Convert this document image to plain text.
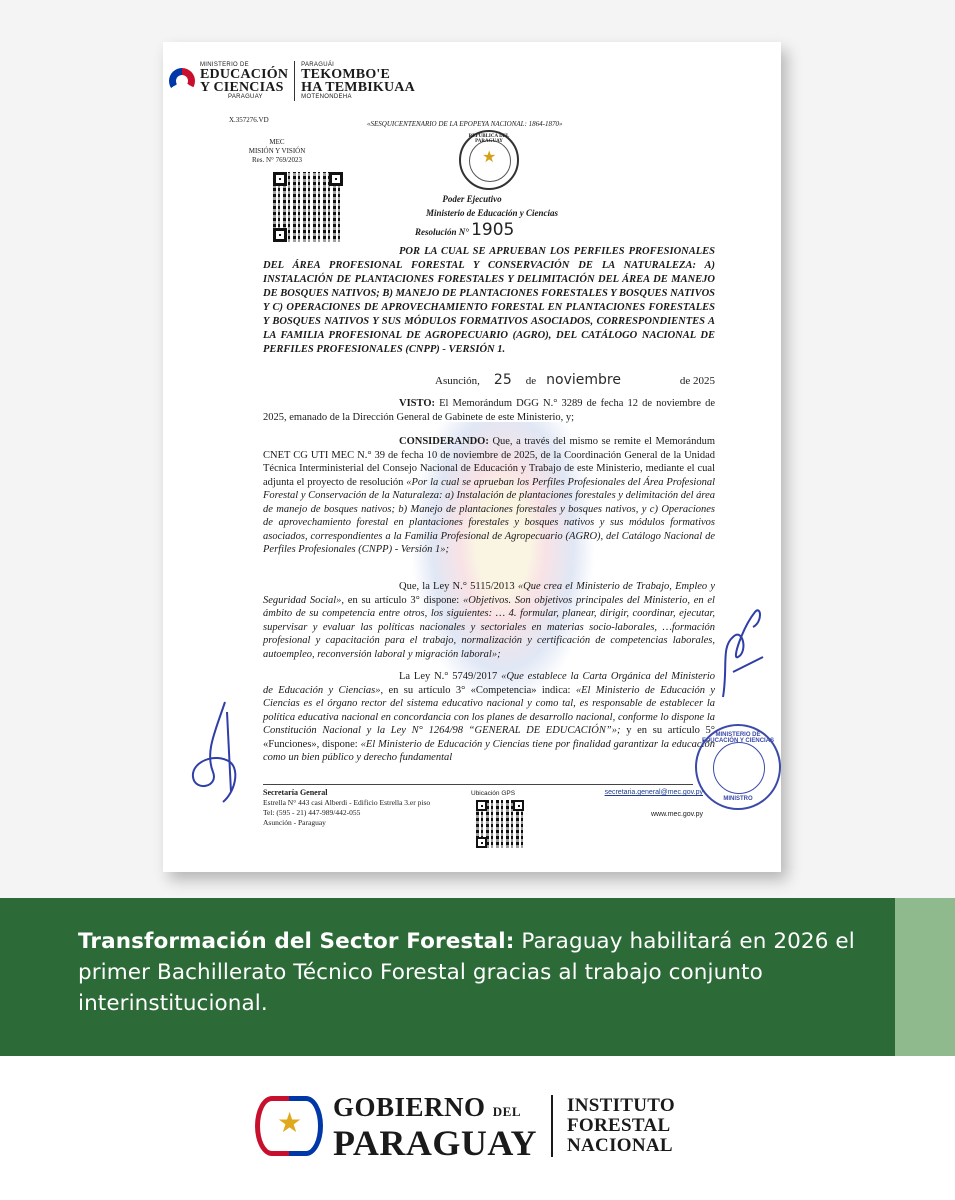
MINISTERIO DE
EDUCACIÓN
Y CIENCIAS
PARAGUAY
PARAGUÁI
TEKOMBO'E
HA TEMBIKUAA
MOTENONDEHA
X.357276.VD	«SESQUICENTENARIO DE LA EPOPEYA NACIONAL: 1864-1870»
MEC
MISIÓN Y VISIÓN
Res. N° 769/2023
REPÚBLICA DEL PARAGUAY
★
Poder Ejecutivo
Ministerio de Educación y Ciencias
Resolución N° 1905
POR LA CUAL SE APRUEBAN LOS PERFILES PROFESIONALES DEL ÁREA PROFESIONAL FORESTAL Y CONSERVACIÓN DE LA NATURALEZA: A) INSTALACIÓN DE PLANTACIONES FORESTALES Y DELIMITACIÓN DEL ÁREA DE MANEJO DE BOSQUES NATIVOS; B) MANEJO DE PLANTACIONES FORESTALES Y BOSQUES NATIVOS Y C) OPERACIONES DE APROVECHAMIENTO FORESTAL EN PLANTACIONES FORESTALES Y BOSQUES NATIVOS Y SUS MÓDULOS FORMATIVOS ASOCIADOS, CORRESPONDIENTES A LA FAMILIA PROFESIONAL DE AGROPECUARIO (AGRO), DEL CATÁLOGO NACIONAL DE PERFILES PROFESIONALES (CNPP) - VERSIÓN 1.
Asunción, 25 de noviembre	de 2025
VISTO: El Memorándum DGG N.° 3289 de fecha 12 de noviembre de 2025, emanado de la Dirección General de Gabinete de este Ministerio, y;
CONSIDERANDO: Que, a través del mismo se remite el Memorándum CNET CG UTI MEC N.° 39 de fecha 10 de noviembre de 2025, de la Coordinación General de la Unidad Técnica Interministerial del Consejo Nacional de Educación y Trabajo de este Ministerio, mediante el cual adjunta el proyecto de resolución «Por la cual se aprueban los Perfiles Profesionales del Área Profesional Forestal y Conservación de la Naturaleza: a) Instalación de plantaciones forestales y delimitación del área de manejo de bosques nativos; b) Manejo de plantaciones forestales y bosques nativos, y c) Operaciones de aprovechamiento forestal en plantaciones forestales y bosques nativos y sus módulos formativos asociados, correspondientes a la Familia Profesional de Agropecuario (AGRO), del Catálogo Nacional de Perfiles Profesionales (CNPP) - Versión 1»;
Que, la Ley N.° 5115/2013 «Que crea el Ministerio de Trabajo, Empleo y Seguridad Social», en su artículo 3° dispone: «Objetivos. Son objetivos principales del Ministerio, en el ámbito de su competencia entre otros, los siguientes: … 4. formular, planear, dirigir, coordinar, ejecutar, supervisar y evaluar las políticas nacionales y sectoriales en materias socio-laborales, …formación profesional y capacitación para el trabajo, normalización y certificación de competencias laborales, autoempleo, reconversión laboral y migración laboral»;
La Ley N.° 5749/2017 «Que establece la Carta Orgánica del Ministerio de Educación y Ciencias», en su artículo 3° «Competencia» indica: «El Ministerio de Educación y Ciencias es el órgano rector del sistema educativo nacional y como tal, es responsable de establecer la política educativa nacional en concordancia con los planes de desarrollo nacional, conforme lo dispone la Constitución Nacional y la Ley N° 1264/98 “GENERAL DE EDUCACIÓN”»; y en su artículo 5° «Funciones», dispone: «El Ministerio de Educación y Ciencias tiene por finalidad garantizar la educación como un bien público y derecho fundamental
MINISTERIO DE EDUCACIÓN Y CIENCIAS
MINISTRO
Secretaría General
Estrella N° 443 casi Alberdi - Edificio Estrella 3.er piso
Tel: (595 - 21) 447-989/442-055
Asunción - Paraguay
Ubicación GPS	secretaria.general@mec.gov.py
www.mec.gov.py
Transformación del Sector Forestal: Paraguay habilitará en 2026 el primer Bachillerato Técnico Forestal gracias al trabajo conjunto interinstitucional.
★ GOBIERNO DEL
PARAGUAY
INSTITUTO
FORESTAL
NACIONAL
